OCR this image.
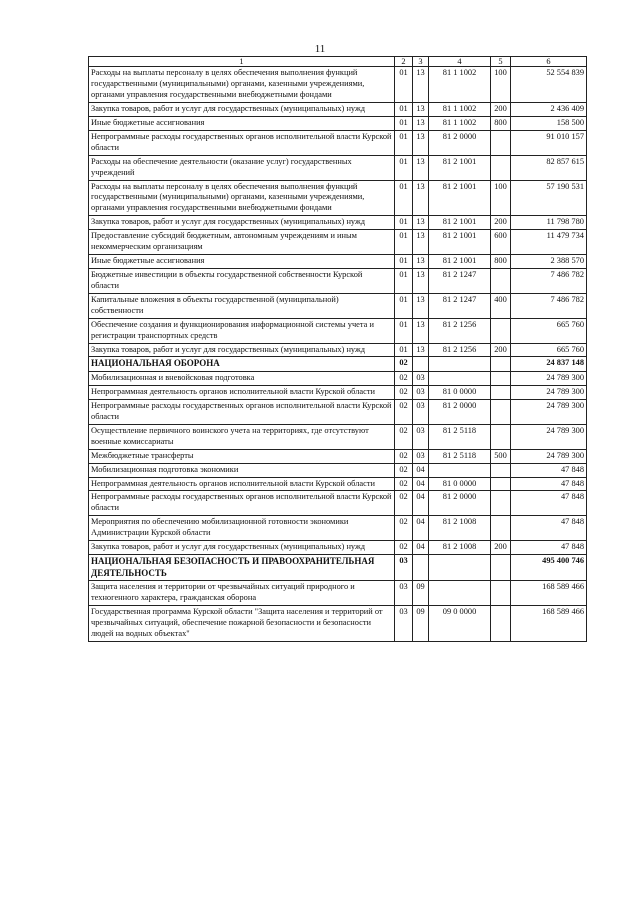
11
1	2	3	4	5	6
Расходы на выплаты персоналу в целях обеспечения выполнения функций государственными (муниципальными) органами, казенными учреждениями, органами управления государственными внебюджетными фондами	01	13	81 1 1002	100	52 554 839
Закупка товаров, работ и услуг для государственных (муниципальных) нужд	01	13	81 1 1002	200	2 436 409
Иные бюджетные ассигнования	01	13	81 1 1002	800	158 500
Непрограммные расходы государственных органов исполнительной власти Курской области	01	13	81 2 0000		91 010 157
Расходы на обеспечение деятельности (оказание услуг) государственных учреждений	01	13	81 2 1001		82 857 615
Расходы на выплаты персоналу в целях обеспечения выполнения функций государственными (муниципальными) органами, казенными учреждениями, органами управления государственными внебюджетными фондами	01	13	81 2 1001	100	57 190 531
Закупка товаров, работ и услуг для государственных (муниципальных) нужд	01	13	81 2 1001	200	11 798 780
Предоставление субсидий бюджетным, автономным учреждениям и иным некоммерческим организациям	01	13	81 2 1001	600	11 479 734
Иные бюджетные ассигнования	01	13	81 2 1001	800	2 388 570
Бюджетные инвестиции в объекты государственной собственности Курской области	01	13	81 2 1247		7 486 782
Капитальные вложения в объекты государственной (муниципальной) собственности	01	13	81 2 1247	400	7 486 782
Обеспечение создания и функционирования информационной системы учета и регистрации транспортных средств	01	13	81 2 1256		665 760
Закупка товаров, работ и услуг для государственных (муниципальных) нужд	01	13	81 2 1256	200	665 760
НАЦИОНАЛЬНАЯ ОБОРОНА	02				24 837 148
Мобилизационная и вневойсковая подготовка	02	03			24 789 300
Непрограммная деятельность органов исполнительной власти Курской области	02	03	81 0 0000		24 789 300
Непрограммные расходы государственных органов исполнительной власти Курской области	02	03	81 2 0000		24 789 300
Осуществление первичного воинского учета на территориях, где отсутствуют военные комиссариаты	02	03	81 2 5118		24 789 300
Межбюджетные трансферты	02	03	81 2 5118	500	24 789 300
Мобилизационная подготовка экономики	02	04			47 848
Непрограммная деятельность органов исполнительной власти Курской области	02	04	81 0 0000		47 848
Непрограммные расходы государственных органов исполнительной власти Курской области	02	04	81 2 0000		47 848
Мероприятия по обеспечению мобилизационной готовности экономики Администрации Курской области	02	04	81 2 1008		47 848
Закупка товаров, работ и услуг для государственных (муниципальных) нужд	02	04	81 2 1008	200	47 848
НАЦИОНАЛЬНАЯ БЕЗОПАСНОСТЬ И ПРАВООХРАНИТЕЛЬНАЯ ДЕЯТЕЛЬНОСТЬ	03				495 400 746
Защита населения и территории от чрезвычайных ситуаций природного и техногенного характера, гражданская оборона	03	09			168 589 466
Государственная программа Курской области "Защита населения и территорий от чрезвычайных ситуаций, обеспечение пожарной безопасности и безопасности людей на водных объектах"	03	09	09 0 0000		168 589 466
